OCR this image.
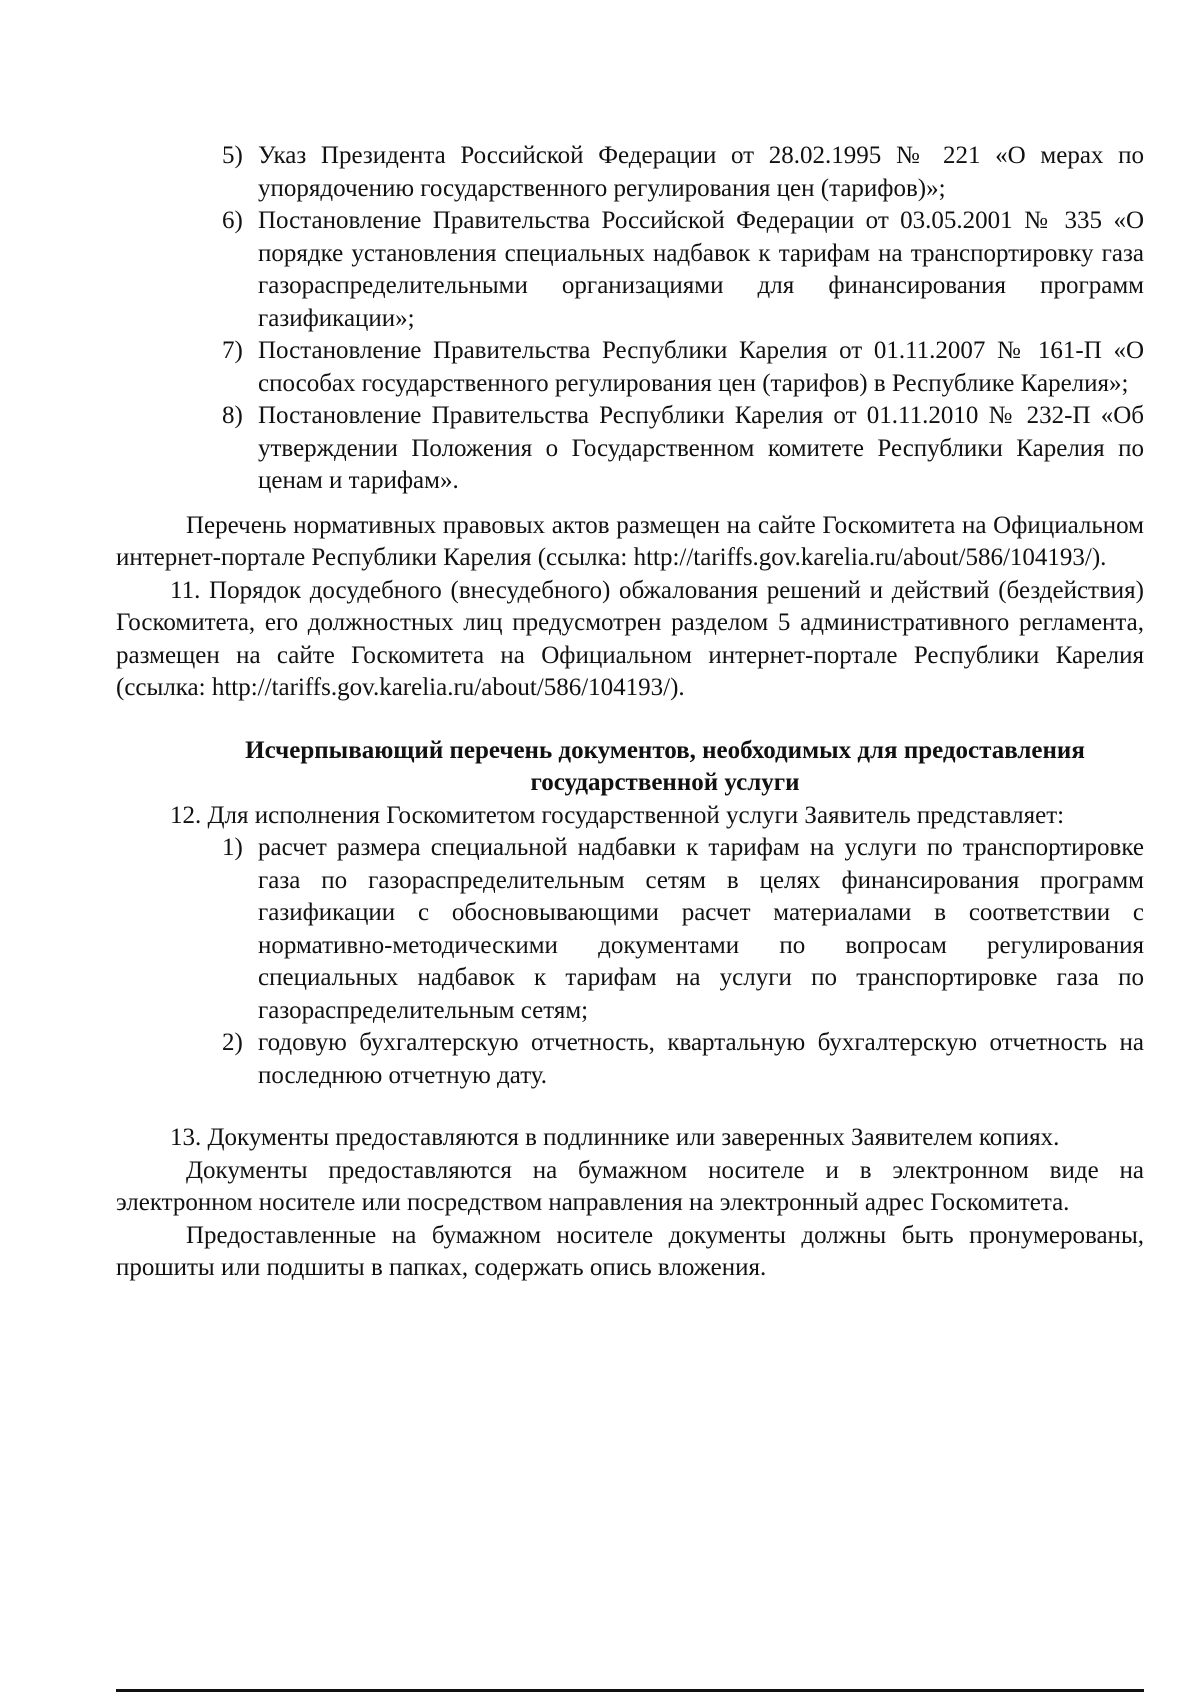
5) Указ Президента Российской Федерации от 28.02.1995 № 221 «О мерах по упорядочению государственного регулирования цен (тарифов)»;
6) Постановление Правительства Российской Федерации от 03.05.2001 № 335 «О порядке установления специальных надбавок к тарифам на транспортировку газа газораспределительными организациями для финансирования программ газификации»;
7) Постановление Правительства Республики Карелия от 01.11.2007 № 161-П «О способах государственного регулирования цен (тарифов) в Республике Карелия»;
8) Постановление Правительства Республики Карелия от 01.11.2010 № 232-П «Об утверждении Положения о Государственном комитете Республики Карелия по ценам и тарифам».

Перечень нормативных правовых актов размещен на сайте Госкомитета на Официальном интернет-портале Республики Карелия (ссылка: http://tariffs.gov.karelia.ru/about/586/104193/).

11. Порядок досудебного (внесудебного) обжалования решений и действий (бездействия) Госкомитета, его должностных лиц предусмотрен разделом 5 административного регламента, размещен на сайте Госкомитета на Официальном интернет-портале Республики Карелия (ссылка: http://tariffs.gov.karelia.ru/about/586/104193/).

Исчерпывающий перечень документов, необходимых для предоставления государственной услуги

12. Для исполнения Госкомитетом государственной услуги Заявитель представляет:

1) расчет размера специальной надбавки к тарифам на услуги по транспортировке газа по газораспределительным сетям в целях финансирования программ газификации с обосновывающими расчет материалами в соответствии с нормативно-методическими документами по вопросам регулирования специальных надбавок к тарифам на услуги по транспортировке газа по газораспределительным сетям;
2) годовую бухгалтерскую отчетность, квартальную бухгалтерскую отчетность на последнюю отчетную дату.

13. Документы предоставляются в подлиннике или заверенных Заявителем копиях.

Документы предоставляются на бумажном носителе и в электронном виде на электронном носителе или посредством направления на электронный адрес Госкомитета.

Предоставленные на бумажном носителе документы должны быть пронумерованы, прошиты или подшиты в папках, содержать опись вложения.
